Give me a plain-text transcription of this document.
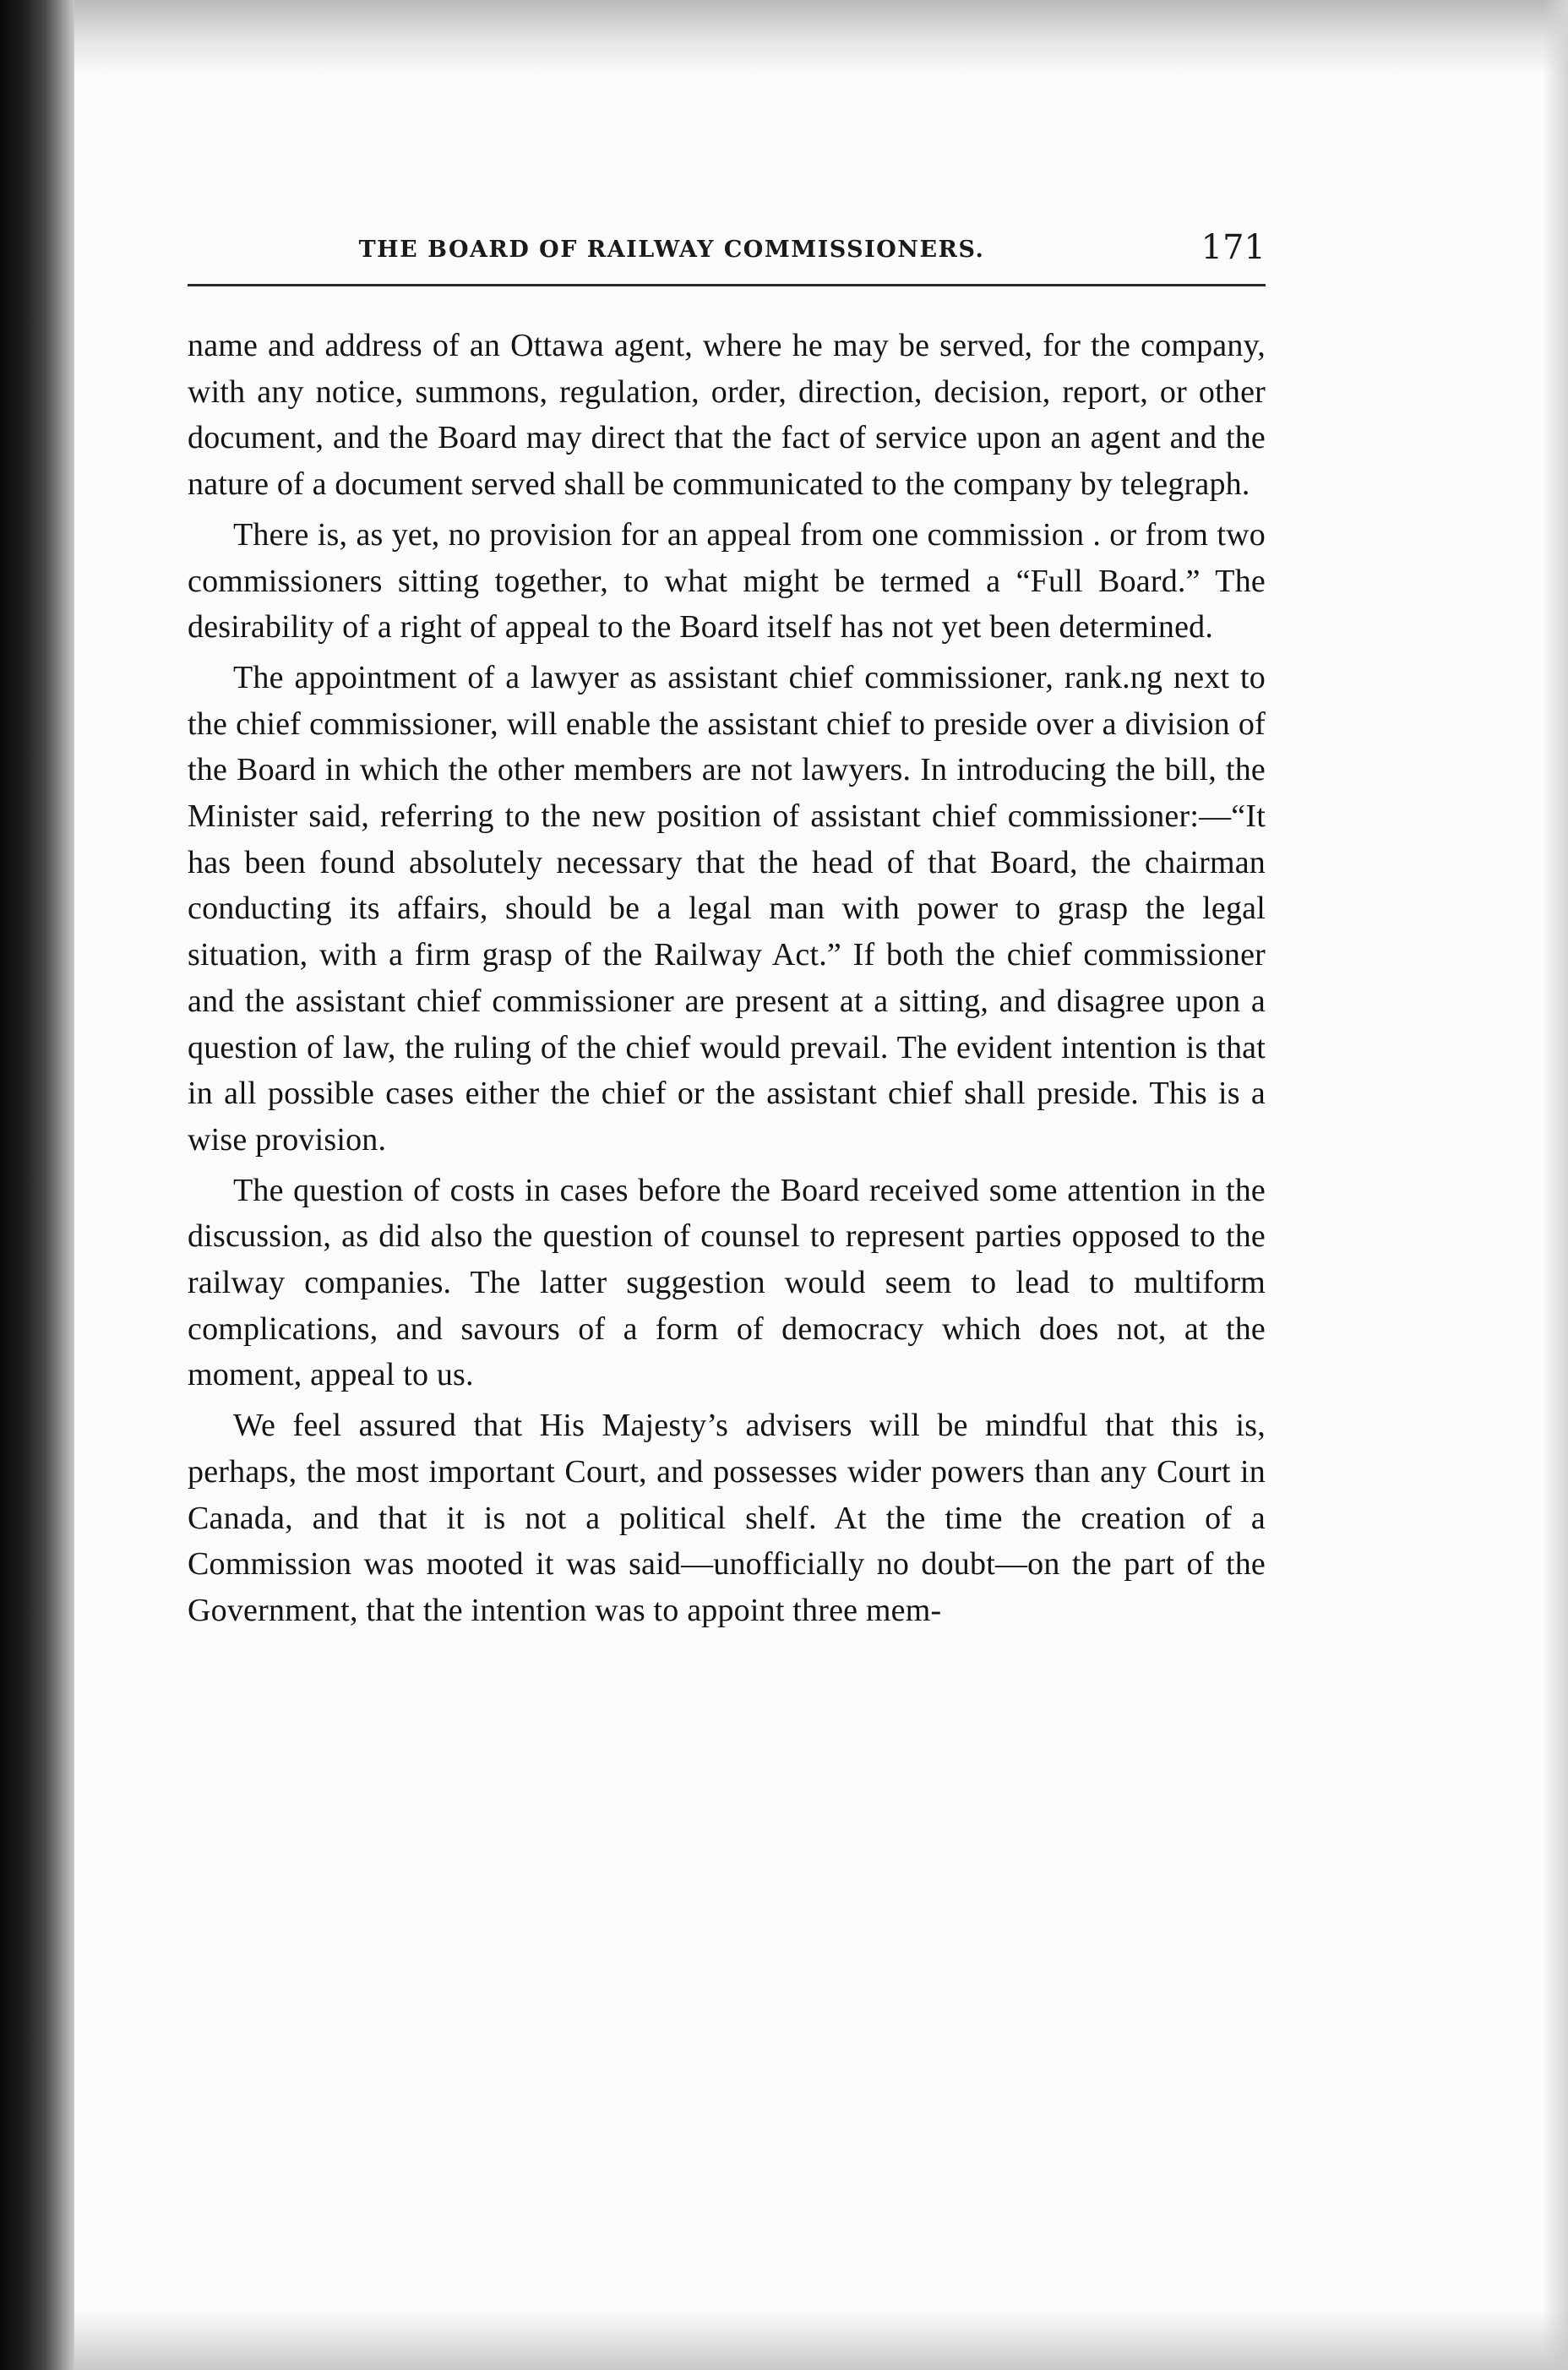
THE BOARD OF RAILWAY COMMISSIONERS.	171

name and address of an Ottawa agent, where he may be served, for the company, with any notice, summons, regulation, order, direction, decision, report, or other document, and the Board may direct that the fact of service upon an agent and the nature of a document served shall be communicated to the company by telegraph.

There is, as yet, no provision for an appeal from one commission . or from two commissioners sitting together, to what might be termed a “Full Board.” The desirability of a right of appeal to the Board itself has not yet been determined.

The appointment of a lawyer as assistant chief commissioner, rank.ng next to the chief commissioner, will enable the assistant chief to preside over a division of the Board in which the other members are not lawyers. In introducing the bill, the Minister said, referring to the new position of assistant chief commissioner:—“It has been found absolutely necessary that the head of that Board, the chairman conducting its affairs, should be a legal man with power to grasp the legal situation, with a firm grasp of the Railway Act.” If both the chief commissioner and the assistant chief commissioner are present at a sitting, and disagree upon a question of law, the ruling of the chief would prevail. The evident intention is that in all possible cases either the chief or the assistant chief shall preside. This is a wise provision.

The question of costs in cases before the Board received some attention in the discussion, as did also the question of counsel to represent parties opposed to the railway companies. The latter suggestion would seem to lead to multiform complications, and savours of a form of democracy which does not, at the moment, appeal to us.

We feel assured that His Majesty’s advisers will be mindful that this is, perhaps, the most important Court, and possesses wider powers than any Court in Canada, and that it is not a political shelf. At the time the creation of a Commission was mooted it was said—unofficially no doubt—on the part of the Government, that the intention was to appoint three mem-
